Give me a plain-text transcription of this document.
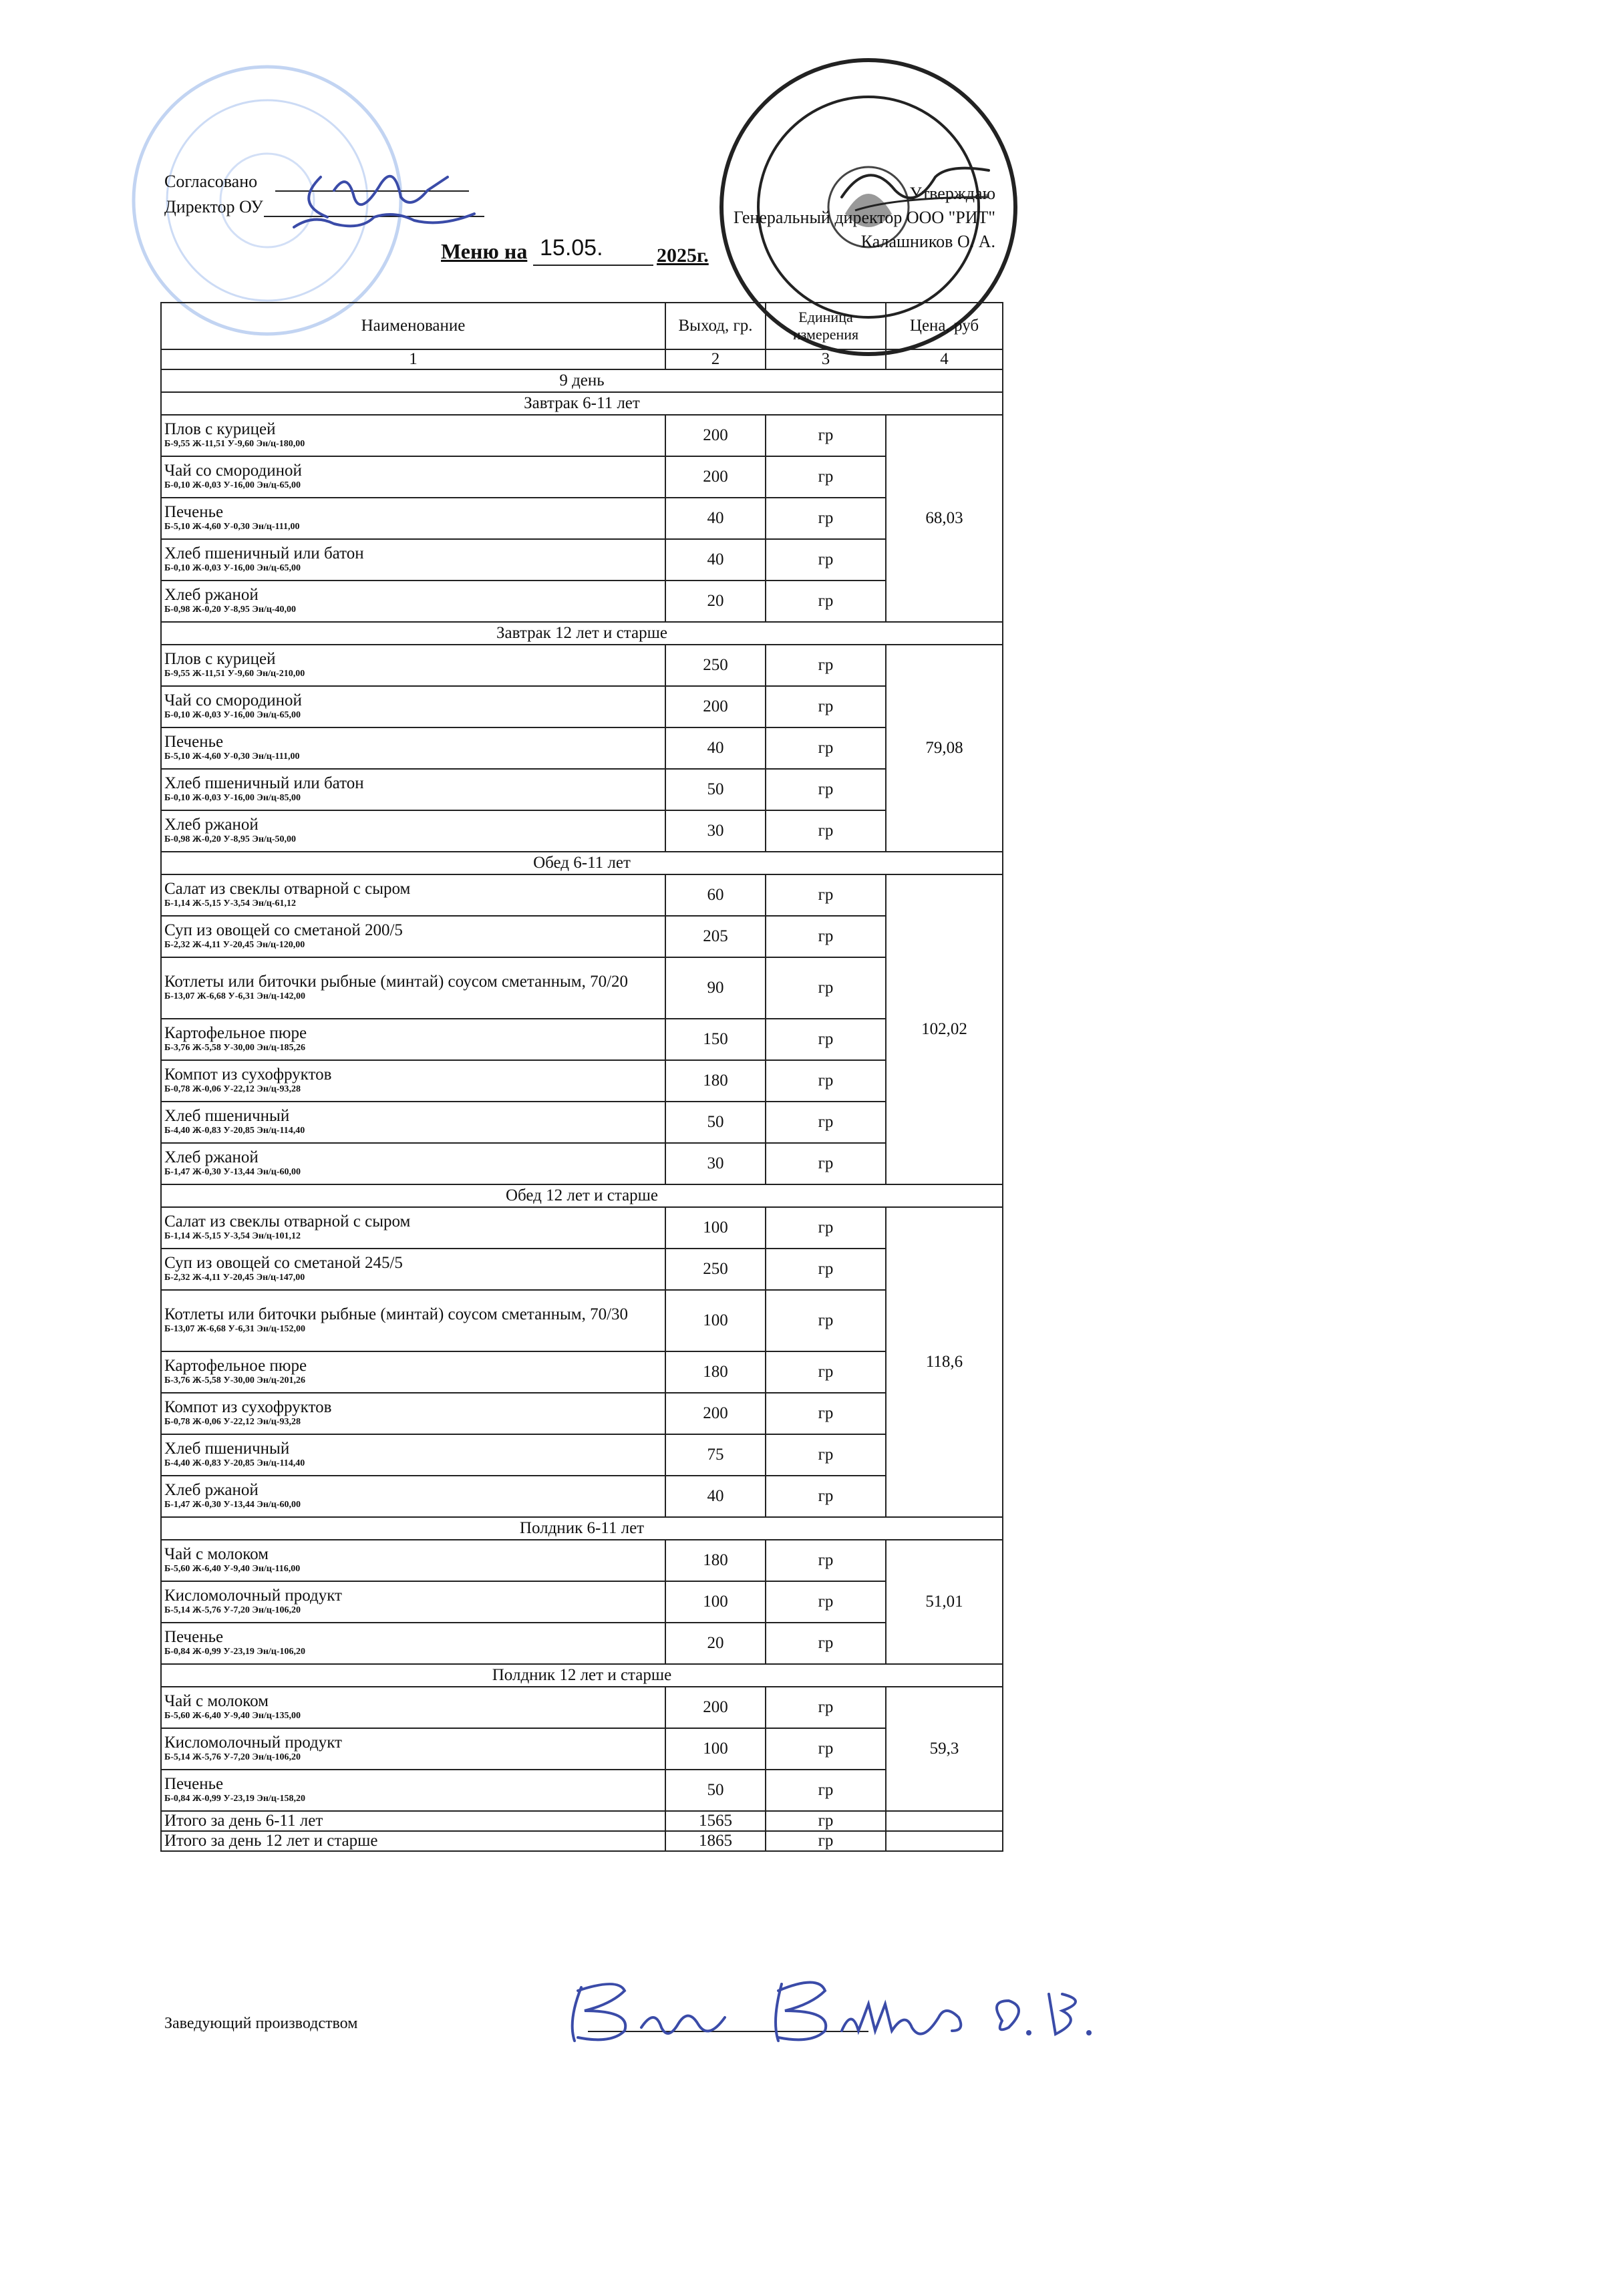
Согласовано
Директор ОУ
Утверждаю
Генеральный директор ООО "РИТ"
Калашников О. А.
Меню на 15.05.	2025г.
Наименование	Выход, гр.	Единица измерения	Цена, руб
1	2	3	4
9 день			
Завтрак 6-11 лет			

Плов с курицей
Б-9,55 Ж-11,51 У-9,60 Эн/ц-180,00	200	гр	68,03

Чай со смородиной
Б-0,10 Ж-0,03 У-16,00 Эн/ц-65,00	200	гр	

Печенье
Б-5,10 Ж-4,60 У-0,30 Эн/ц-111,00	40	гр	

Хлеб пшеничный или батон
Б-0,10 Ж-0,03 У-16,00 Эн/ц-65,00	40	гр	

Хлеб ржаной
Б-0,98 Ж-0,20 У-8,95 Эн/ц-40,00	20	гр	
Завтрак 12 лет и старше			

Плов с курицей
Б-9,55 Ж-11,51 У-9,60 Эн/ц-210,00	250	гр	79,08

Чай со смородиной
Б-0,10 Ж-0,03 У-16,00 Эн/ц-65,00	200	гр	

Печенье
Б-5,10 Ж-4,60 У-0,30 Эн/ц-111,00	40	гр	

Хлеб пшеничный или батон
Б-0,10 Ж-0,03 У-16,00 Эн/ц-85,00	50	гр	

Хлеб ржаной
Б-0,98 Ж-0,20 У-8,95 Эн/ц-50,00	30	гр	
Обед 6-11 лет			

Салат из свеклы отварной с сыром
Б-1,14 Ж-5,15 У-3,54 Эн/ц-61,12	60	гр	102,02

Суп из овощей со сметаной 200/5
Б-2,32 Ж-4,11 У-20,45 Эн/ц-120,00	205	гр	

Котлеты или биточки рыбные (минтай) соусом сметанным, 70/20
Б-13,07 Ж-6,68 У-6,31 Эн/ц-142,00	90	гр	

Картофельное пюре
Б-3,76 Ж-5,58 У-30,00 Эн/ц-185,26	150	гр	

Компот из сухофруктов
Б-0,78 Ж-0,06 У-22,12 Эн/ц-93,28	180	гр	

Хлеб пшеничный
Б-4,40 Ж-0,83 У-20,85 Эн/ц-114,40	50	гр	

Хлеб ржаной
Б-1,47 Ж-0,30 У-13,44 Эн/ц-60,00	30	гр	
Обед 12 лет и старше			

Салат из свеклы отварной с сыром
Б-1,14 Ж-5,15 У-3,54 Эн/ц-101,12	100	гр	118,6

Суп из овощей со сметаной 245/5
Б-2,32 Ж-4,11 У-20,45 Эн/ц-147,00	250	гр	

Котлеты или биточки рыбные (минтай) соусом сметанным, 70/30
Б-13,07 Ж-6,68 У-6,31 Эн/ц-152,00	100	гр	

Картофельное пюре
Б-3,76 Ж-5,58 У-30,00 Эн/ц-201,26	180	гр	

Компот из сухофруктов
Б-0,78 Ж-0,06 У-22,12 Эн/ц-93,28	200	гр	

Хлеб пшеничный
Б-4,40 Ж-0,83 У-20,85 Эн/ц-114,40	75	гр	

Хлеб ржаной
Б-1,47 Ж-0,30 У-13,44 Эн/ц-60,00	40	гр	
Полдник 6-11 лет			

Чай с молоком
Б-5,60 Ж-6,40 У-9,40 Эн/ц-116,00	180	гр	51,01

Кисломолочный продукт
Б-5,14 Ж-5,76 У-7,20 Эн/ц-106,20	100	гр	

Печенье
Б-0,84 Ж-0,99 У-23,19 Эн/ц-106,20	20	гр	
Полдник 12 лет и старше			

Чай с молоком
Б-5,60 Ж-6,40 У-9,40 Эн/ц-135,00	200	гр	59,3

Кисломолочный продукт
Б-5,14 Ж-5,76 У-7,20 Эн/ц-106,20	100	гр	

Печенье
Б-0,84 Ж-0,99 У-23,19 Эн/ц-158,20	50	гр	
Итого за день 6-11 лет	1565	гр	
Итого за день 12 лет и старше	1865	гр	
Заведующий производством
